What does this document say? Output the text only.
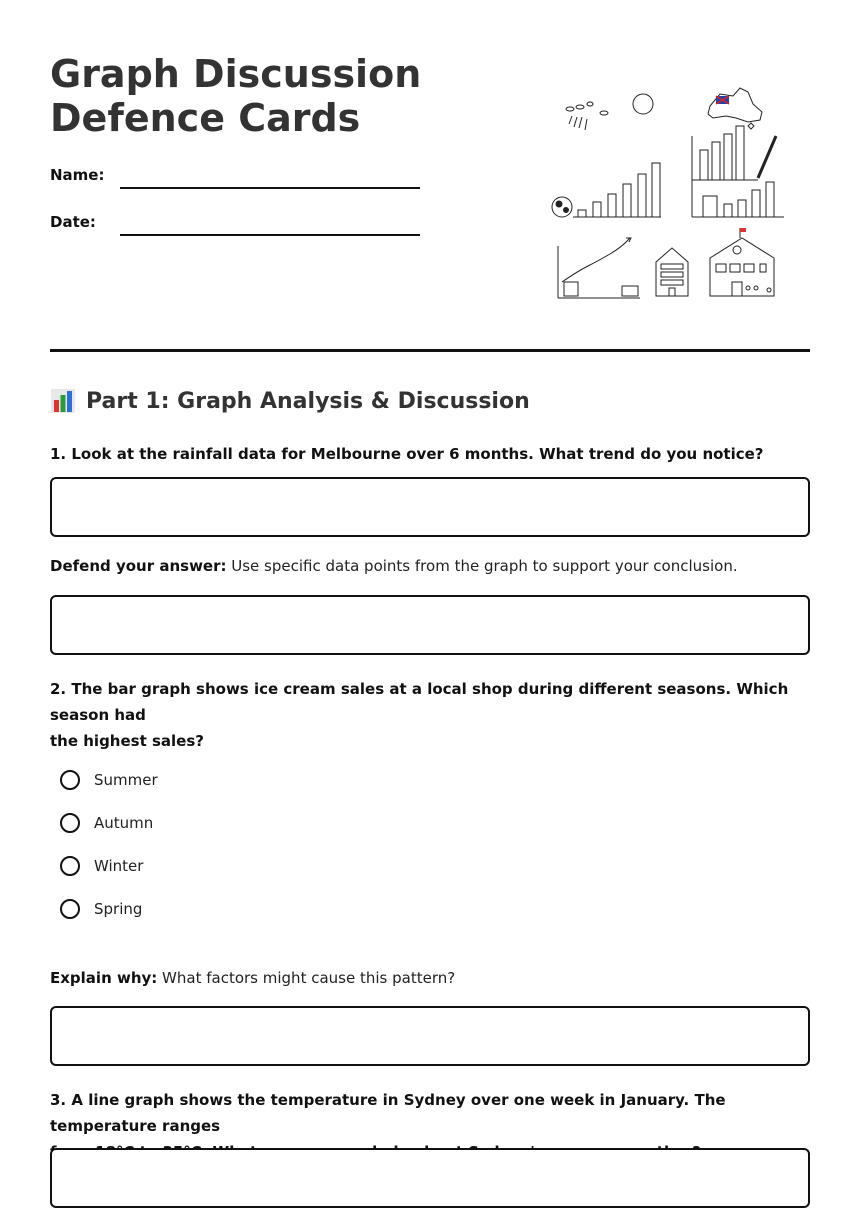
Graph Discussion
Defence Cards
Name:
Date:
Part 1: Graph Analysis & Discussion
1. Look at the rainfall data for Melbourne over 6 months. What trend do you notice?
Defend your answer: Use specific data points from the graph to support your conclusion.
2. The bar graph shows ice cream sales at a local shop during different seasons. Which season had
the highest sales?
Summer
Autumn
Winter
Spring
Explain why: What factors might cause this pattern?
3. A line graph shows the temperature in Sydney over one week in January. The temperature ranges
